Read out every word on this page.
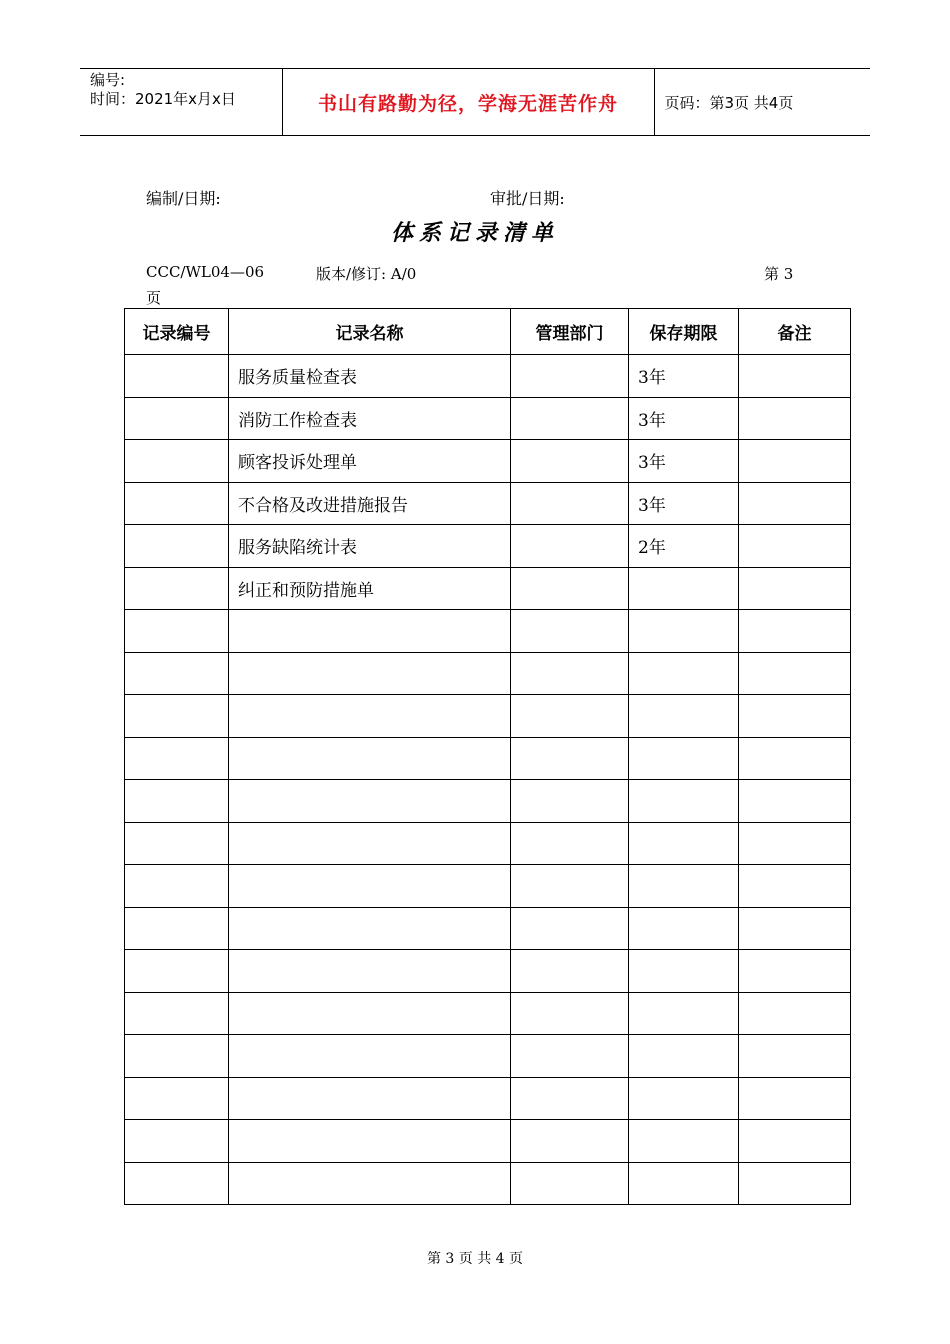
编号:
时间：2021年x月x日	书山有路勤为径，学海无涯苦作舟	页码：第3页 共4页
编制/日期:	审批/日期:
体系记录清单
CCC/WL04—06	版本/修订: A/0	第 3
页
记录编号	记录名称	管理部门	保存期限	备注
	服务质量检查表		3年	
	消防工作检查表		3年	
	顾客投诉处理单		3年	
	不合格及改进措施报告		3年	
	服务缺陷统计表		2年	
	纠正和预防措施单			

第 3 页 共 4 页
